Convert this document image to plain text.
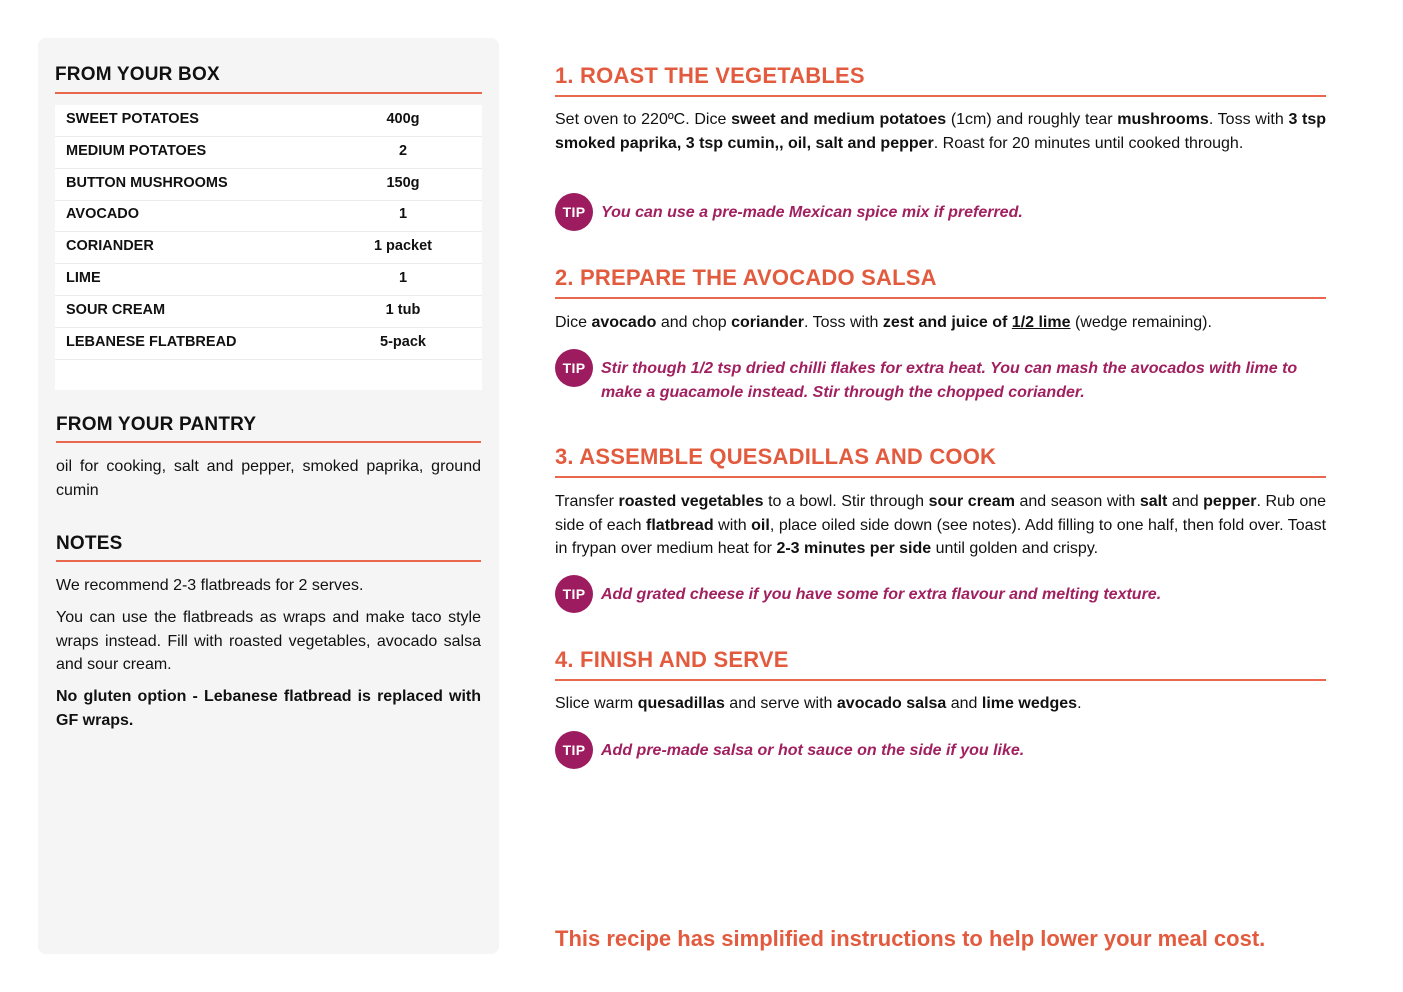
FROM YOUR BOX
SWEET POTATOES	400g
MEDIUM POTATOES	2
BUTTON MUSHROOMS	150g
AVOCADO	1
CORIANDER	1 packet
LIME	1
SOUR CREAM	1 tub
LEBANESE FLATBREAD	5-pack
FROM YOUR PANTRY
oil for cooking, salt and pepper, smoked paprika, ground cumin
NOTES
We recommend 2-3 flatbreads for 2 serves.
You can use the flatbreads as wraps and make taco style wraps instead. Fill with roasted vegetables, avocado salsa and sour cream.
No gluten option - Lebanese flatbread is replaced with GF wraps.
1. ROAST THE VEGETABLES
Set oven to 220ºC. Dice sweet and medium potatoes (1cm) and roughly tear mushrooms. Toss with 3 tsp smoked paprika, 3 tsp cumin,, oil, salt and pepper. Roast for 20 minutes until cooked through.
TIP You can use a pre-made Mexican spice mix if preferred.
2. PREPARE THE AVOCADO SALSA
Dice avocado and chop coriander. Toss with zest and juice of 1/2 lime (wedge remaining).
TIP Stir though 1/2 tsp dried chilli flakes for extra heat. You can mash the avocados with lime to make a guacamole instead. Stir through the chopped coriander.
3. ASSEMBLE QUESADILLAS AND COOK
Transfer roasted vegetables to a bowl. Stir through sour cream and season with salt and pepper. Rub one side of each flatbread with oil, place oiled side down (see notes). Add filling to one half, then fold over. Toast in frypan over medium heat for 2-3 minutes per side until golden and crispy.
TIP Add grated cheese if you have some for extra flavour and melting texture.
4. FINISH AND SERVE
Slice warm quesadillas and serve with avocado salsa and lime wedges.
TIP Add pre-made salsa or hot sauce on the side if you like.
This recipe has simplified instructions to help lower your meal cost.
